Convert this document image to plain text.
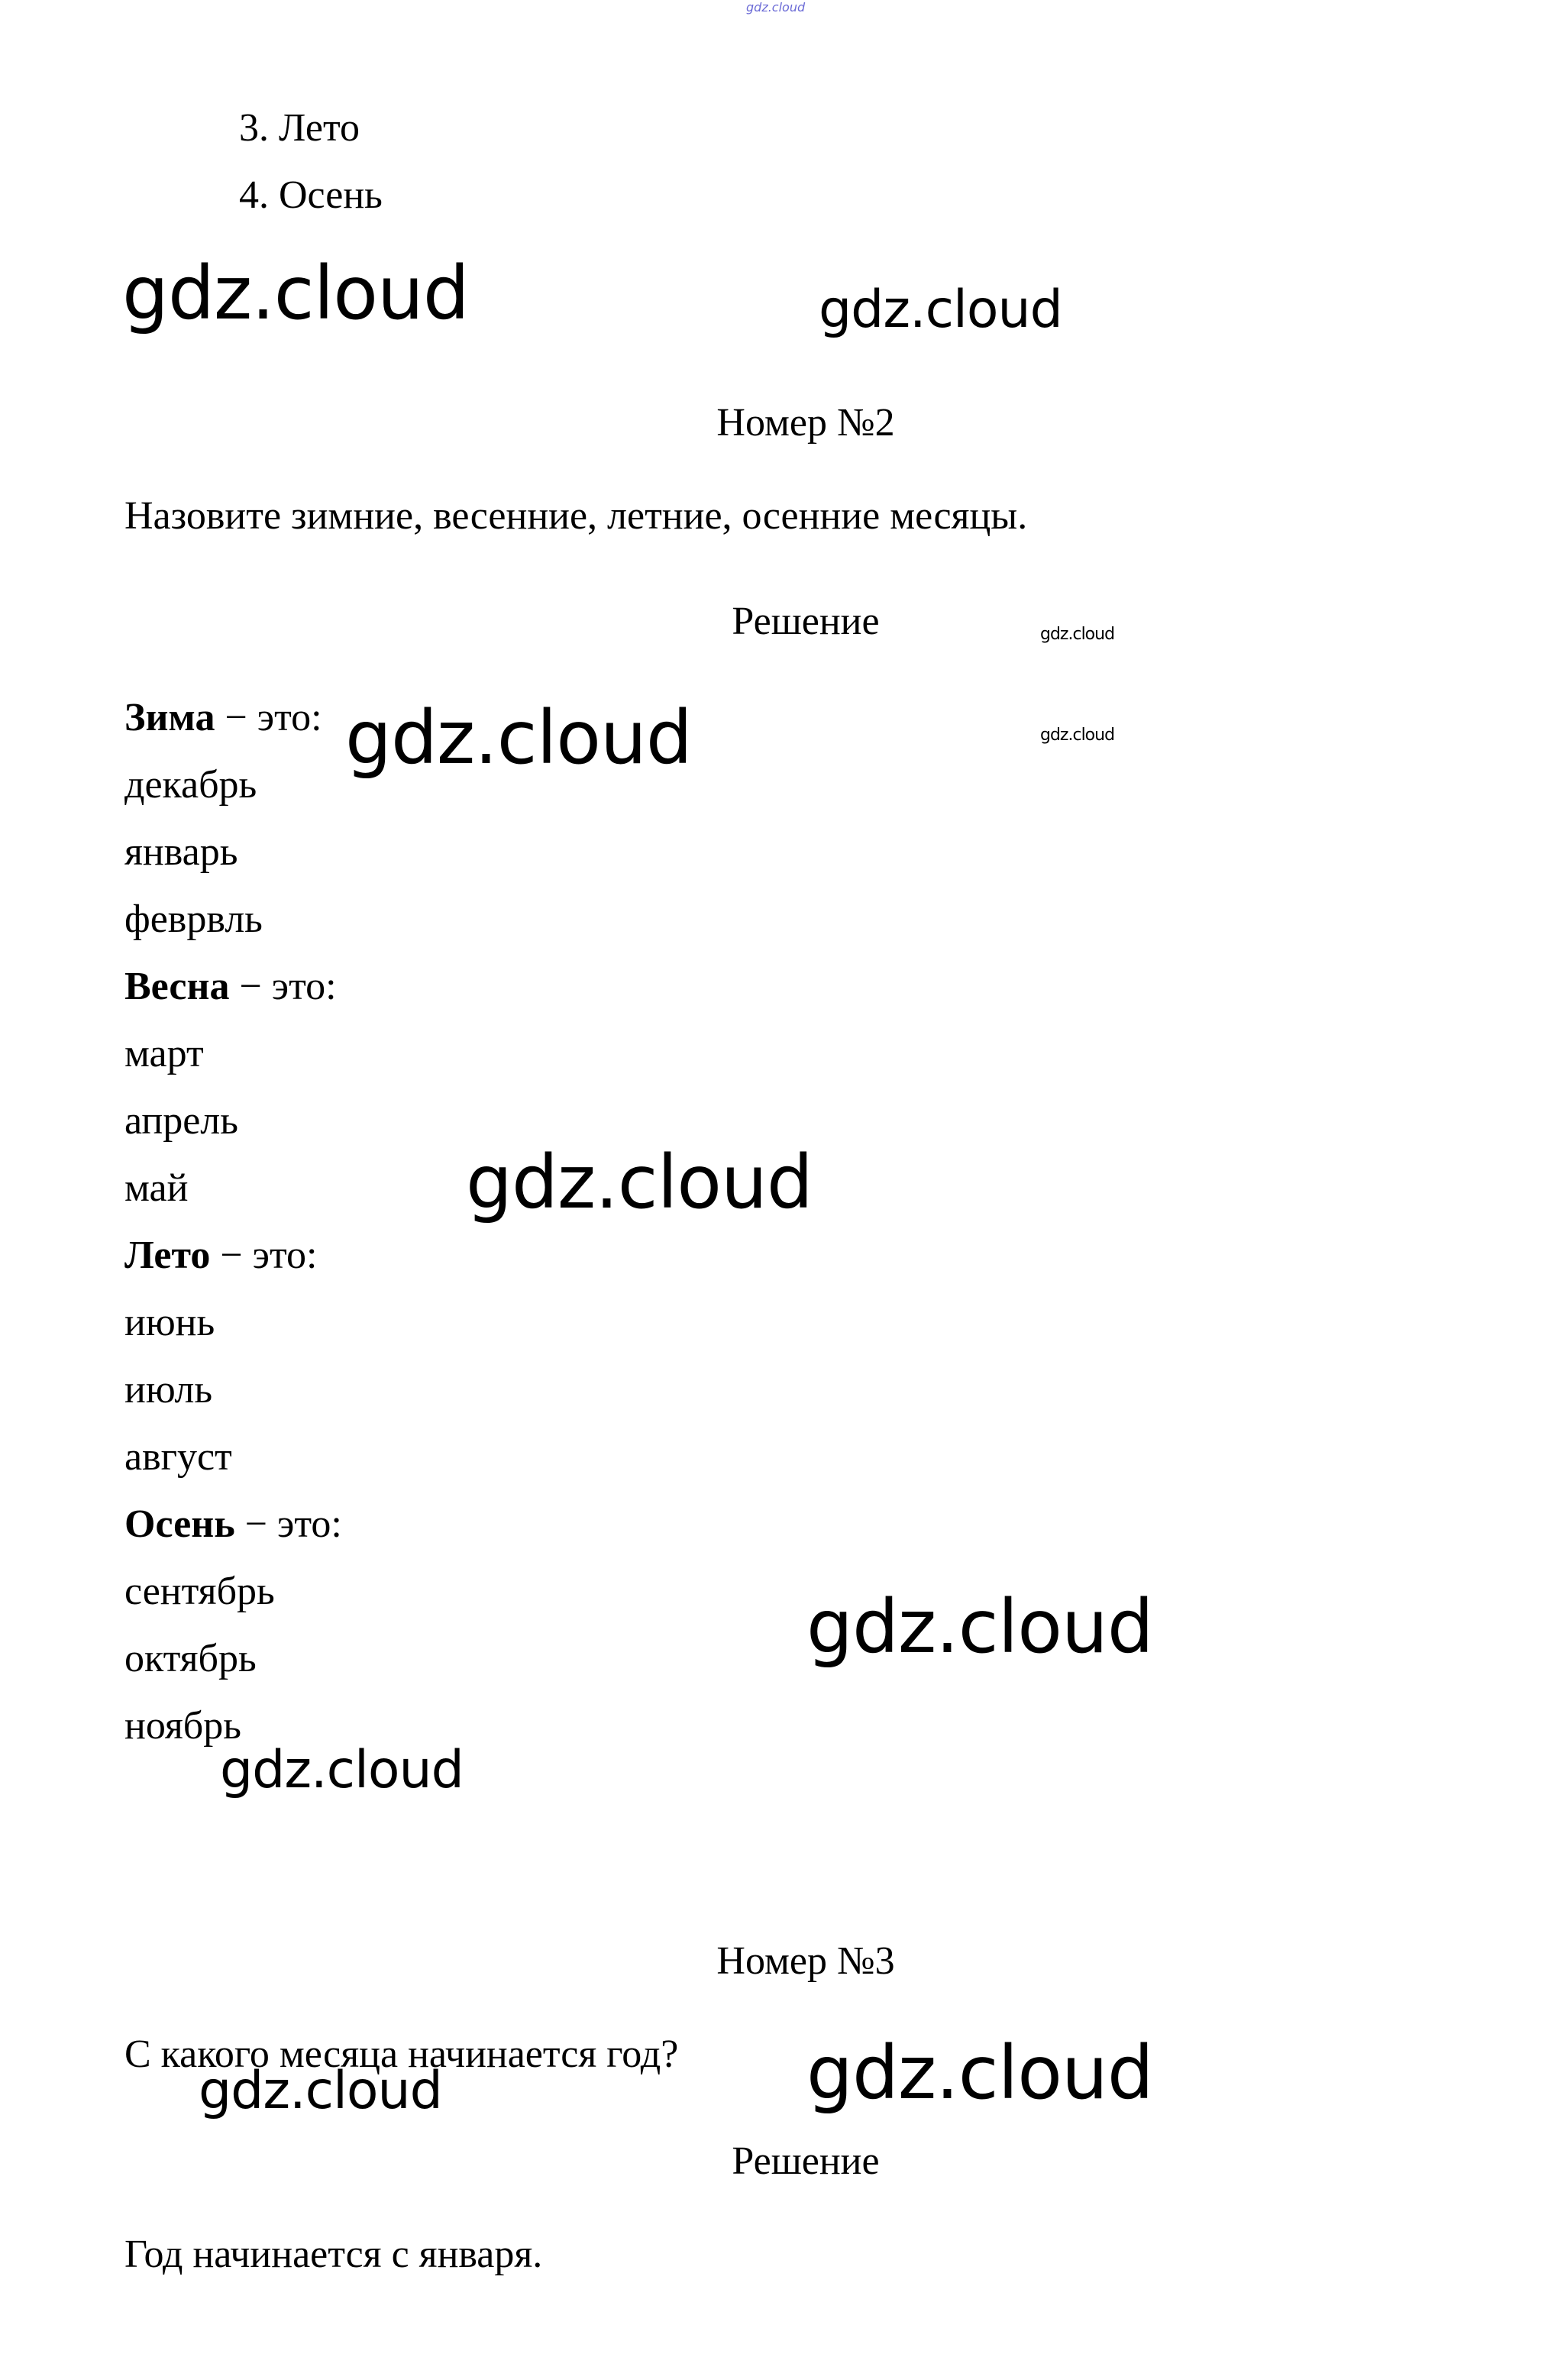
gdz.cloud
3. Лето
4. Осень
gdz.cloud	gdz.cloud
Номер №2
Назовите зимние, весенние, летние, осенние месяцы.
Решение	gdz.cloud
gdz.cloud
Зима − это: gdz.cloud
декабрь
январь
феврвль
Весна − это:
март
апрель
май	gdz.cloud
Лето − это:
июнь
июль
август
Осень − это:
сентябрь	gdz.cloud
октябрь
ноябрь
gdz.cloud
Номер №3
С какого месяца начинается год?
gdz.cloud	gdz.cloud
Решение
Год начинается с января.
